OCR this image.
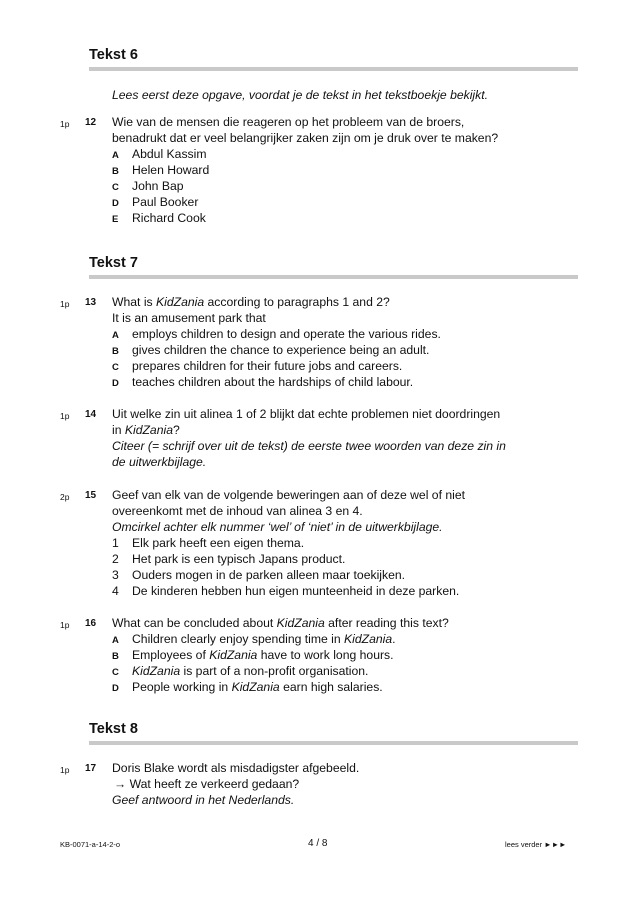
Tekst 6
Lees eerst deze opgave, voordat je de tekst in het tekstboekje bekijkt.
1p 12 Wie van de mensen die reageren op het probleem van de broers,
benadrukt dat er veel belangrijker zaken zijn om je druk over te maken?
A Abdul Kassim
B Helen Howard
C John Bap
D Paul Booker
E Richard Cook
Tekst 7
1p 13 What is KidZania according to paragraphs 1 and 2?
It is an amusement park that
A employs children to design and operate the various rides.
B gives children the chance to experience being an adult.
C prepares children for their future jobs and careers.
D teaches children about the hardships of child labour.
1p 14 Uit welke zin uit alinea 1 of 2 blijkt dat echte problemen niet doordringen
in KidZania?
Citeer (= schrijf over uit de tekst) de eerste twee woorden van deze zin in
de uitwerkbijlage.
2p 15 Geef van elk van de volgende beweringen aan of deze wel of niet
overeenkomt met de inhoud van alinea 3 en 4.
Omcirkel achter elk nummer ‘wel’ of ‘niet’ in de uitwerkbijlage.
1 Elk park heeft een eigen thema.
2 Het park is een typisch Japans product.
3 Ouders mogen in de parken alleen maar toekijken.
4 De kinderen hebben hun eigen munteenheid in deze parken.
1p 16 What can be concluded about KidZania after reading this text?
A Children clearly enjoy spending time in KidZania.
B Employees of KidZania have to work long hours.
C KidZania is part of a non-profit organisation.
D People working in KidZania earn high salaries.
Tekst 8
1p 17 Doris Blake wordt als misdadigster afgebeeld.
→ Wat heeft ze verkeerd gedaan?
Geef antwoord in het Nederlands.
KB-0071-a-14-2-o	4 / 8	lees verder ►►►
